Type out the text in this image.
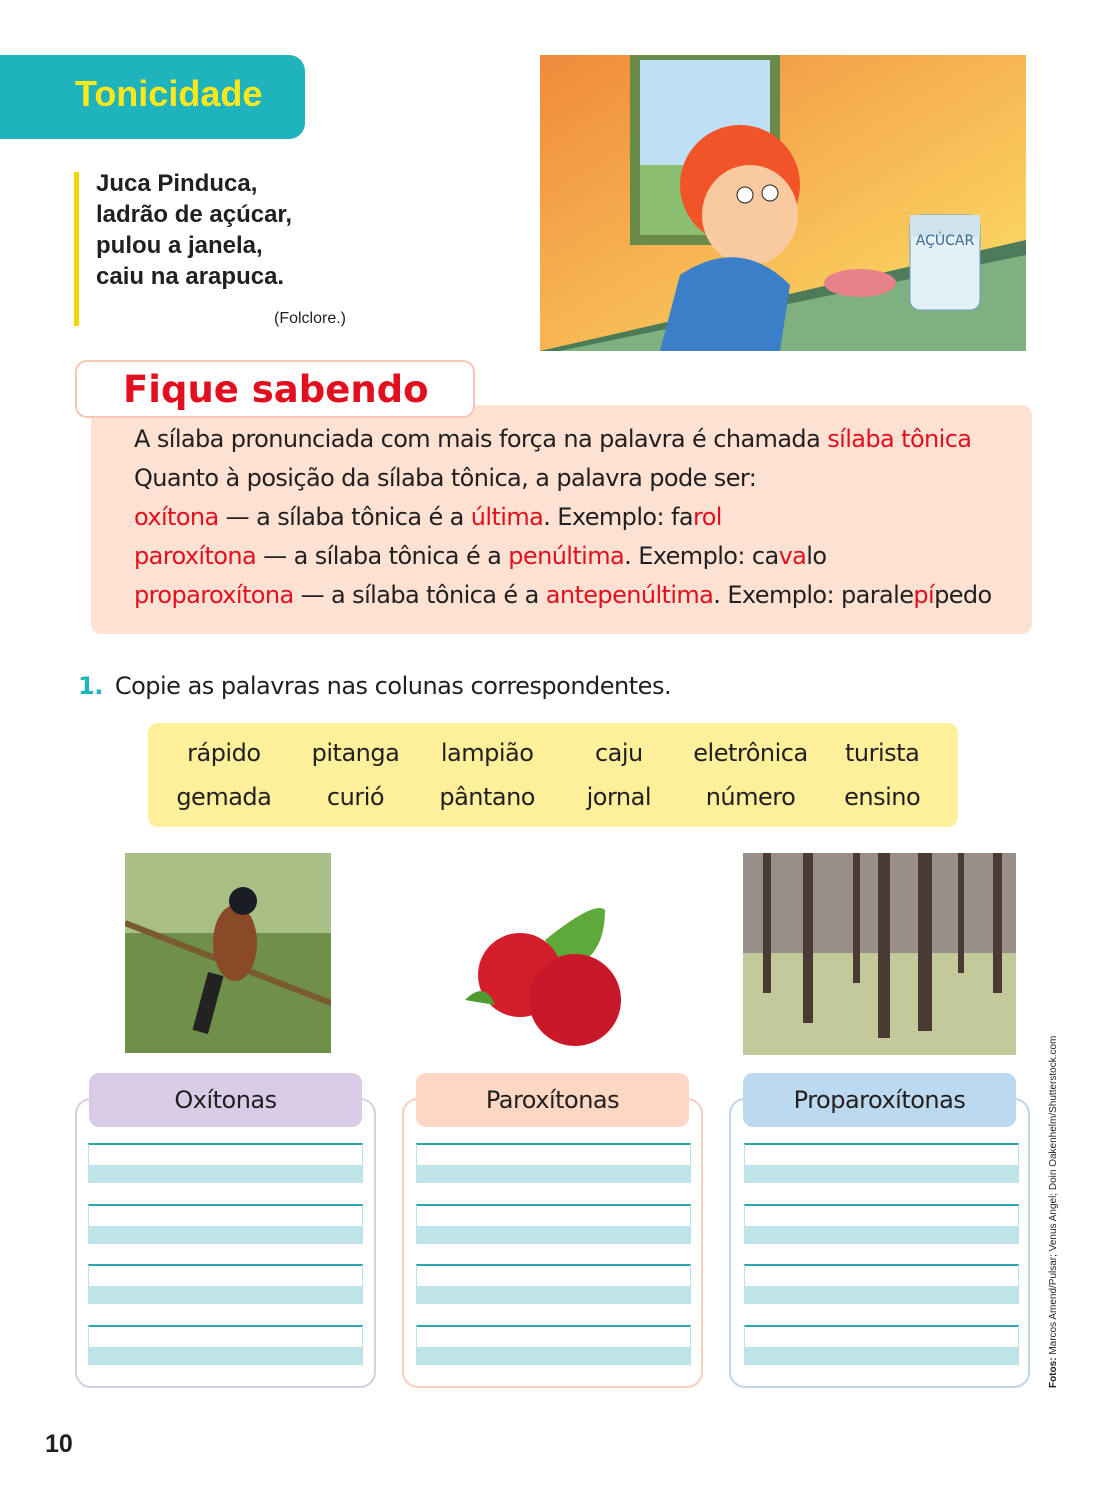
Tonicidade
Juca Pinduca,
ladrão de açúcar,
pulou a janela,
caiu na arapuca.
(Folclore.)
AÇÚCAR
Fique sabendo
A sílaba pronunciada com mais força na palavra é chamada sílaba tônica
Quanto à posição da sílaba tônica, a palavra pode ser:
oxítona — a sílaba tônica é a última. Exemplo: farol
paroxítona — a sílaba tônica é a penúltima. Exemplo: cavalo
proparoxítona — a sílaba tônica é a antepenúltima. Exemplo: paralepípedo
1. Copie as palavras nas colunas correspondentes.
rápido	pitanga	lampião	caju	eletrônica	turista
gemada	curió	pântano	jornal	número	ensino
Oxítonas	Paroxítonas	Proparoxítonas
Fotos: Marcos Amend/Pulsar; Venus Angel; Doin Oakenhelm/Shutterstock.com
10
